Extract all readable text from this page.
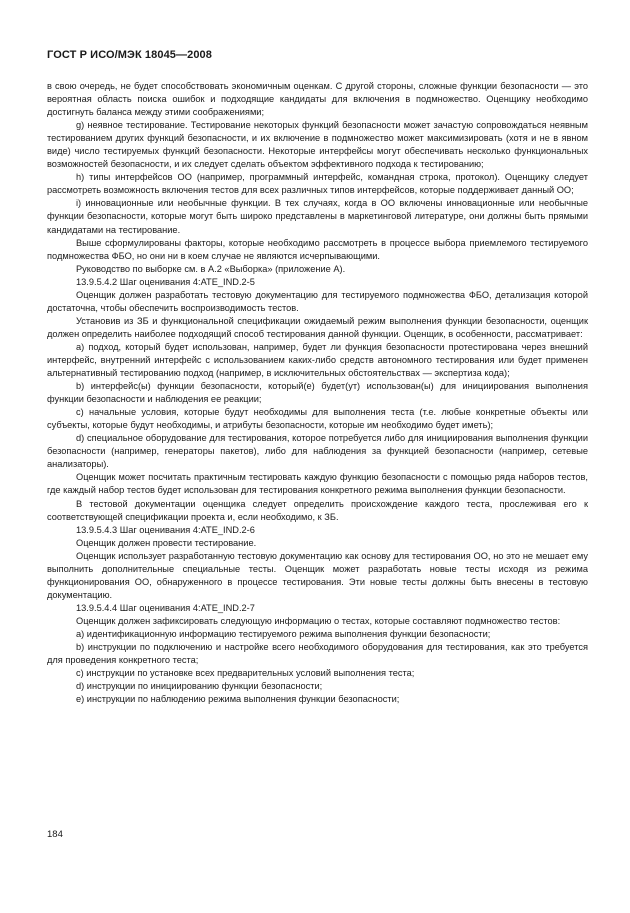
ГОСТ Р ИСО/МЭК 18045—2008

в свою очередь, не будет способствовать экономичным оценкам. С другой стороны, сложные функции безопасности — это вероятная область поиска ошибок и подходящие кандидаты для включения в подмножество. Оценщику необходимо достигнуть баланса между этими соображениями;

g) неявное тестирование. Тестирование некоторых функций безопасности может зачастую сопровождаться неявным тестированием других функций безопасности, и их включение в подмножество может максимизировать (хотя и не в явном виде) число тестируемых функций безопасности. Некоторые интерфейсы могут обеспечивать несколько функциональных возможностей безопасности, и их следует сделать объектом эффективного подхода к тестированию;

h) типы интерфейсов ОО (например, программный интерфейс, командная строка, протокол). Оценщику следует рассмотреть возможность включения тестов для всех различных типов интерфейсов, которые поддерживает данный ОО;

i) инновационные или необычные функции. В тех случаях, когда в ОО включены инновационные или необычные функции безопасности, которые могут быть широко представлены в маркетинговой литературе, они должны быть прямыми кандидатами на тестирование.

Выше сформулированы факторы, которые необходимо рассмотреть в процессе выбора приемлемого тестируемого подмножества ФБО, но они ни в коем случае не являются исчерпывающими.

Руководство по выборке см. в А.2 «Выборка» (приложение А).

13.9.5.4.2 Шаг оценивания 4:ATE_IND.2-5

Оценщик должен разработать тестовую документацию для тестируемого подмножества ФБО, детализация которой достаточна, чтобы обеспечить воспроизводимость тестов.

Установив из ЗБ и функциональной спецификации ожидаемый режим выполнения функции безопасности, оценщик должен определить наиболее подходящий способ тестирования данной функции. Оценщик, в особенности, рассматривает:

а) подход, который будет использован, например, будет ли функция безопасности протестирована через внешний интерфейс, внутренний интерфейс с использованием каких-либо средств автономного тестирования или будет применен альтернативный тестированию подход (например, в исключительных обстоятельствах — экспертиза кода);

b) интерфейс(ы) функции безопасности, который(е) будет(ут) использован(ы) для инициирования выполнения функции безопасности и наблюдения ее реакции;

с) начальные условия, которые будут необходимы для выполнения теста (т.е. любые конкретные объекты или субъекты, которые будут необходимы, и атрибуты безопасности, которые им необходимо будет иметь);

d) специальное оборудование для тестирования, которое потребуется либо для инициирования выполнения функции безопасности (например, генераторы пакетов), либо для наблюдения за функцией безопасности (например, сетевые анализаторы).

Оценщик может посчитать практичным тестировать каждую функцию безопасности с помощью ряда наборов тестов, где каждый набор тестов будет использован для тестирования конкретного режима выполнения функции безопасности.

В тестовой документации оценщика следует определить происхождение каждого теста, прослеживая его к соответствующей спецификации проекта и, если необходимо, к ЗБ.

13.9.5.4.3 Шаг оценивания 4:ATE_IND.2-6

Оценщик должен провести тестирование.

Оценщик использует разработанную тестовую документацию как основу для тестирования ОО, но это не мешает ему выполнить дополнительные специальные тесты. Оценщик может разработать новые тесты исходя из режима функционирования ОО, обнаруженного в процессе тестирования. Эти новые тесты должны быть внесены в тестовую документацию.

13.9.5.4.4 Шаг оценивания 4:ATE_IND.2-7

Оценщик должен зафиксировать следующую информацию о тестах, которые составляют подмножество тестов:

а) идентификационную информацию тестируемого режима выполнения функции безопасности;

b) инструкции по подключению и настройке всего необходимого оборудования для тестирования, как это требуется для проведения конкретного теста;

с) инструкции по установке всех предварительных условий выполнения теста;

d) инструкции по инициированию функции безопасности;

е) инструкции по наблюдению режима выполнения функции безопасности;

184
